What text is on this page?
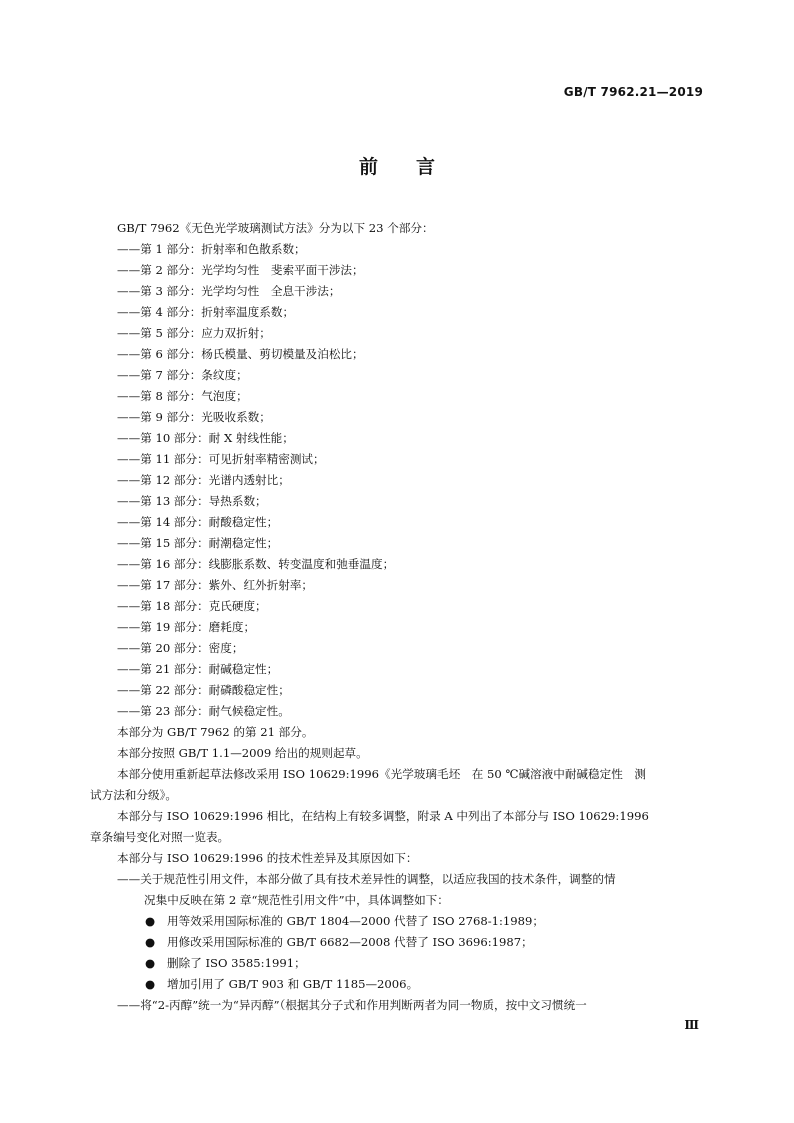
GB/T 7962.21—2019
前言
GB/T 7962《无色光学玻璃测试方法》分为以下 23 个部分：
——第 1 部分：折射率和色散系数；
——第 2 部分：光学均匀性　斐索平面干涉法；
——第 3 部分：光学均匀性　全息干涉法；
——第 4 部分：折射率温度系数；
——第 5 部分：应力双折射；
——第 6 部分：杨氏模量、剪切模量及泊松比；
——第 7 部分：条纹度；
——第 8 部分：气泡度；
——第 9 部分：光吸收系数；
——第 10 部分：耐 X 射线性能；
——第 11 部分：可见折射率精密测试；
——第 12 部分：光谱内透射比；
——第 13 部分：导热系数；
——第 14 部分：耐酸稳定性；
——第 15 部分：耐潮稳定性；
——第 16 部分：线膨胀系数、转变温度和弛垂温度；
——第 17 部分：紫外、红外折射率；
——第 18 部分：克氏硬度；
——第 19 部分：磨耗度；
——第 20 部分：密度；
——第 21 部分：耐碱稳定性；
——第 22 部分：耐磷酸稳定性；
——第 23 部分：耐气候稳定性。
本部分为 GB/T 7962 的第 21 部分。
本部分按照 GB/T 1.1—2009 给出的规则起草。
本部分使用重新起草法修改采用 ISO 10629:1996《光学玻璃毛坯　在 50 ℃碱溶液中耐碱稳定性　测
试方法和分级》。
本部分与 ISO 10629:1996 相比，在结构上有较多调整，附录 A 中列出了本部分与 ISO 10629:1996
章条编号变化对照一览表。
本部分与 ISO 10629:1996 的技术性差异及其原因如下：
——关于规范性引用文件，本部分做了具有技术差异性的调整，以适应我国的技术条件，调整的情
况集中反映在第 2 章“规范性引用文件”中，具体调整如下：
●	用等效采用国际标准的 GB/T 1804—2000 代替了 ISO 2768-1:1989；
●	用修改采用国际标准的 GB/T 6682—2008 代替了 ISO 3696:1987；
●	删除了 ISO 3585:1991；
●	增加引用了 GB/T 903 和 GB/T 1185—2006。
——将“2-丙醇”统一为“异丙醇”（根据其分子式和作用判断两者为同一物质，按中文习惯统一
Ⅲ
